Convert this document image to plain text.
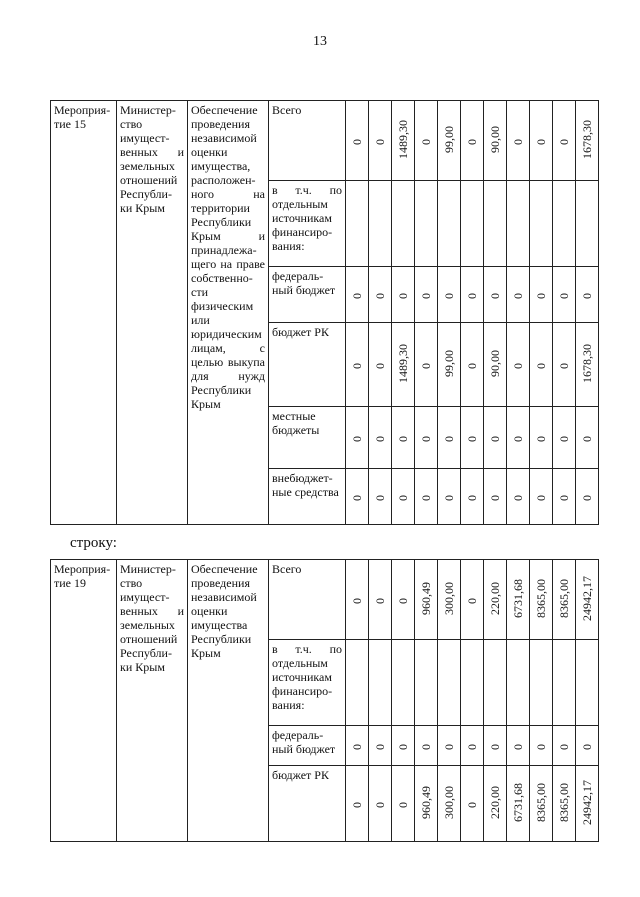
13
Мероприя-тие 15	Министер-ство имущест-венных и земельных отношений Республи-ки Крым	Обеспечение проведения независимой оценки имущества, расположен-ного на территории Республики Крым и принадлежа-щего на праве собственно-сти физическим или юридическим лицам, с целью выкупа для нужд Республики Крым	Всего	0	0	1489,30	0	99,00	0	90,00	0	0	0	1678,30
			в т.ч. по отдельным источникам финансиро-вания:											
			федераль-ный бюджет	0	0	0	0	0	0	0	0	0	0	0
			бюджет РК	0	0	1489,30	0	99,00	0	90,00	0	0	0	1678,30
			местные бюджеты	0	0	0	0	0	0	0	0	0	0	0
			внебюджет-ные средства	0	0	0	0	0	0	0	0	0	0	0
строку:
Мероприя-тие 19	Министер-ство имущест-венных и земельных отношений Республи-ки Крым	Обеспечение проведения независимой оценки имущества Республики Крым	Всего	0	0	0	960,49	300,00	0	220,00	6731,68	8365,00	8365,00	24942,17
			в т.ч. по отдельным источникам финансиро-вания:											
			федераль-ный бюджет	0	0	0	0	0	0	0	0	0	0	0
			бюджет РК	0	0	0	960,49	300,00	0	220,00	6731,68	8365,00	8365,00	24942,17
